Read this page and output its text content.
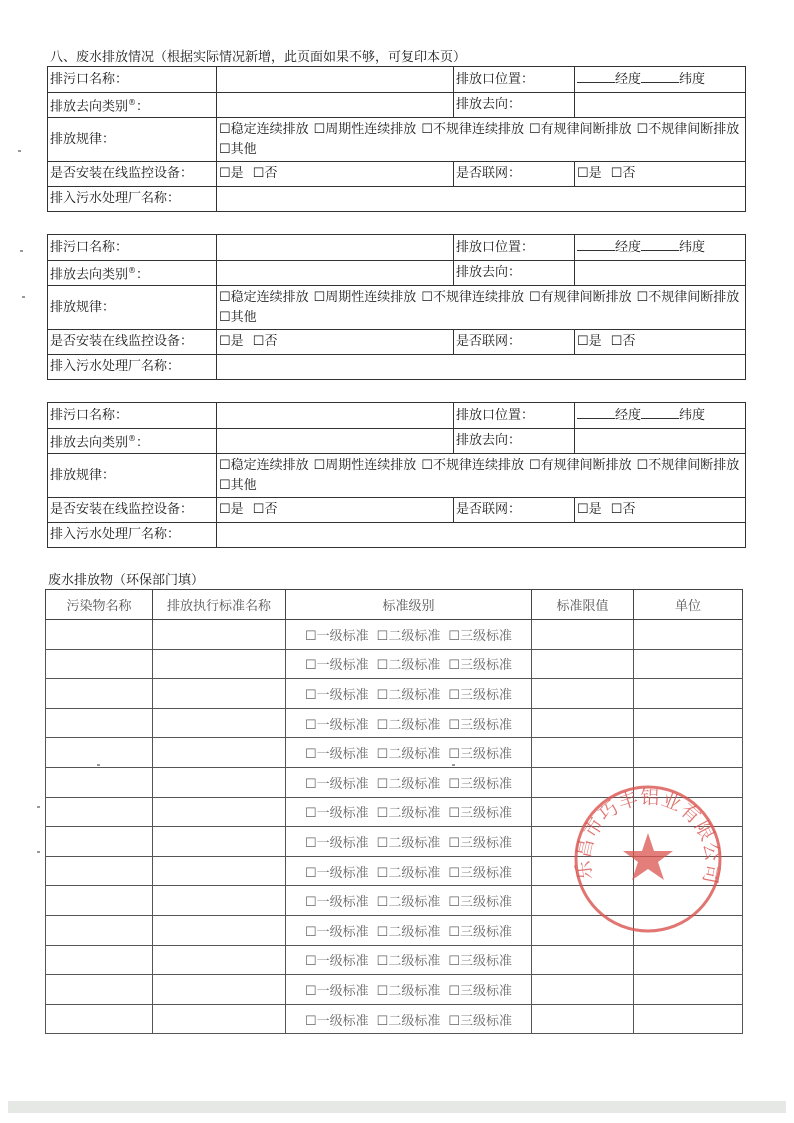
八、废水排放情况（根据实际情况新增，此页面如果不够，可复印本页）
排污口名称：		排放口位置：	经度 纬度
排放去向类别®：		排放去向：	
排放规律：	☐稳定连续排放 ☐周期性连续排放 ☐不规律连续排放 ☐有规律间断排放 ☐不规律间断排放☐其他		
是否安装在线监控设备：	☐是 ☐否	是否联网：	☐是 ☐否
排入污水处理厂名称：			
排污口名称：		排放口位置：	经度 纬度
排放去向类别®：		排放去向：	
排放规律：	☐稳定连续排放 ☐周期性连续排放 ☐不规律连续排放 ☐有规律间断排放 ☐不规律间断排放☐其他		
是否安装在线监控设备：	☐是 ☐否	是否联网：	☐是 ☐否
排入污水处理厂名称：			
排污口名称：		排放口位置：	经度 纬度
排放去向类别®：		排放去向：	
排放规律：	☐稳定连续排放 ☐周期性连续排放 ☐不规律连续排放 ☐有规律间断排放 ☐不规律间断排放☐其他		
是否安装在线监控设备：	☐是 ☐否	是否联网：	☐是 ☐否
排入污水处理厂名称：			
废水排放物（环保部门填）
污染物名称	排放执行标准名称	标准级别	标准限值	单位
		☐一级标准 ☐二级标准 ☐三级标准		
		☐一级标准 ☐二级标准 ☐三级标准		
		☐一级标准 ☐二级标准 ☐三级标准		
		☐一级标准 ☐二级标准 ☐三级标准		
		☐一级标准 ☐二级标准 ☐三级标准		
		☐一级标准 ☐二级标准 ☐三级标准		
		☐一级标准 ☐二级标准 ☐三级标准		
		☐一级标准 ☐二级标准 ☐三级标准		
		☐一级标准 ☐二级标准 ☐三级标准		
		☐一级标准 ☐二级标准 ☐三级标准		
		☐一级标准 ☐二级标准 ☐三级标准		
		☐一级标准 ☐二级标准 ☐三级标准		
		☐一级标准 ☐二级标准 ☐三级标准		
		☐一级标准 ☐二级标准 ☐三级标准		
乐昌市巧丰铝业有限公司
